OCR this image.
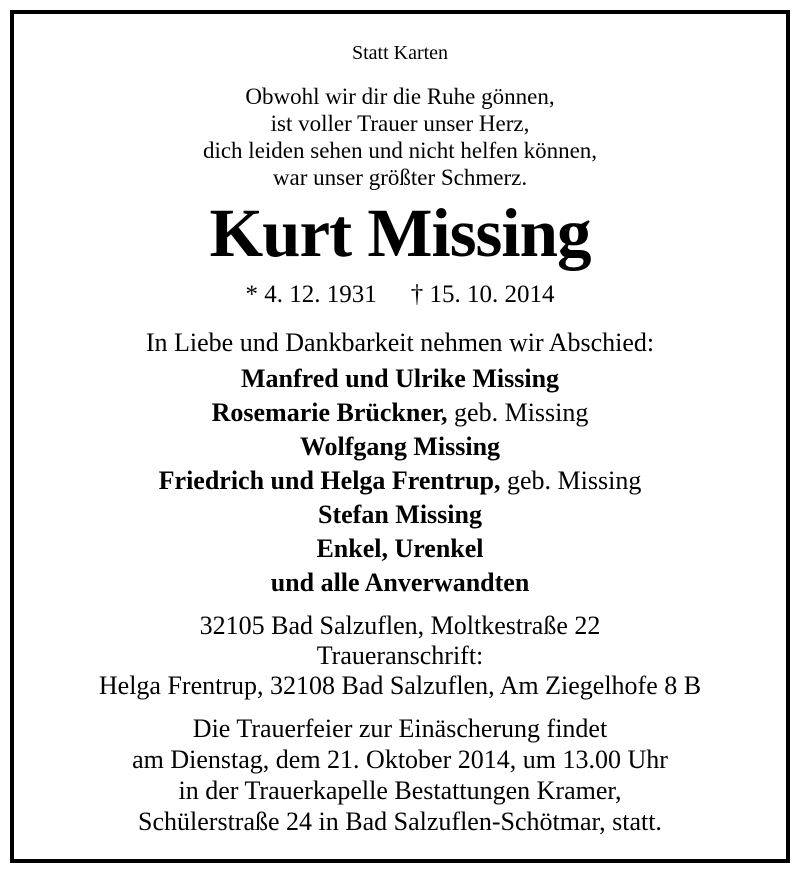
Statt Karten
Obwohl wir dir die Ruhe gönnen,
ist voller Trauer unser Herz,
dich leiden sehen und nicht helfen können,
war unser größter Schmerz.
Kurt Missing
* 4. 12. 1931 † 15. 10. 2014
In Liebe und Dankbarkeit nehmen wir Abschied:
Manfred und Ulrike Missing
Rosemarie Brückner, geb. Missing
Wolfgang Missing
Friedrich und Helga Frentrup, geb. Missing
Stefan Missing
Enkel, Urenkel
und alle Anverwandten
32105 Bad Salzuflen, Moltkestraße 22
Traueranschrift:
Helga Frentrup, 32108 Bad Salzuflen, Am Ziegelhofe 8 B
Die Trauerfeier zur Einäscherung findet
am Dienstag, dem 21. Oktober 2014, um 13.00 Uhr
in der Trauerkapelle Bestattungen Kramer,
Schülerstraße 24 in Bad Salzuflen-Schötmar, statt.
